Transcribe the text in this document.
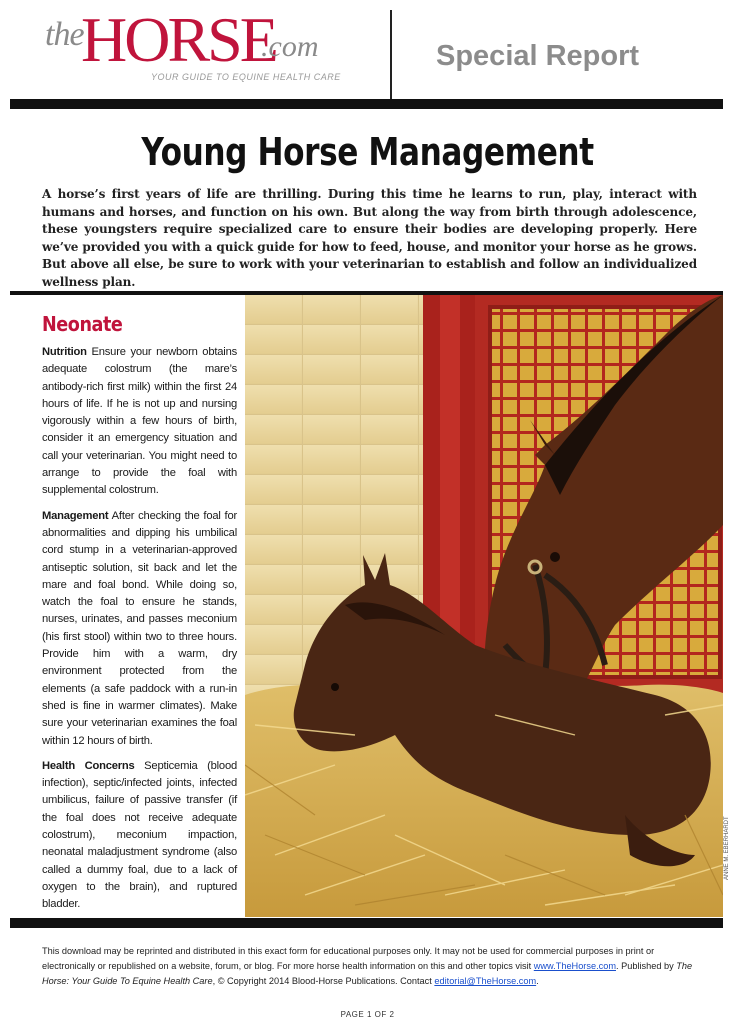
the
HORSE
.com
YOUR GUIDE TO EQUINE HEALTH CARE
Special Report
Young Horse Management

A horse’s first years of life are thrilling. During this time he learns to run, play, interact with humans and horses, and function on his own. But along the way from birth through adolescence, these youngsters require specialized care to ensure their bodies are developing properly. Here we’ve provided you with a quick guide for how to feed, house, and monitor your horse as he grows. But above all else, be sure to work with your veterinarian to establish and follow an individualized wellness plan.

Neonate

Nutrition Ensure your newborn obtains adequate colostrum (the mare’s antibody-rich first milk) within the first 24 hours of life. If he is not up and nursing vigorously within a few hours of birth, consider it an emergency situation and call your veterinarian. You might need to arrange to provide the foal with supplemental colostrum.

Management After checking the foal for abnormalities and dipping his umbilical cord stump in a veterinarian-approved antiseptic solution, sit back and let the mare and foal bond. While doing so, watch the foal to ensure he stands, nurses, urinates, and passes meconium (his first stool) within two to three hours. Provide him with a warm, dry environment protected from the elements (a safe paddock with a run-in shed is fine in warmer climates). Make sure your veterinarian examines the foal within 12 hours of birth.

Health Concerns Septicemia (blood infection), septic/infected joints, infected umbilicus, failure of passive transfer (if the foal does not receive adequate colostrum), meconium impaction, neonatal maladjustment syndrome (also called a dummy foal, due to a lack of oxygen to the brain), and ruptured bladder.

ANNE M. EBERHARDT
This download may be reprinted and distributed in this exact form for educational purposes only. It may not be used for commercial purposes in print or electronically or republished on a website, forum, or blog. For more horse health information on this and other topics visit www.TheHorse.com. Published by The Horse: Your Guide To Equine Health Care, © Copyright 2014 Blood-Horse Publications. Contact editorial@TheHorse.com.
PAGE 1 OF 2
